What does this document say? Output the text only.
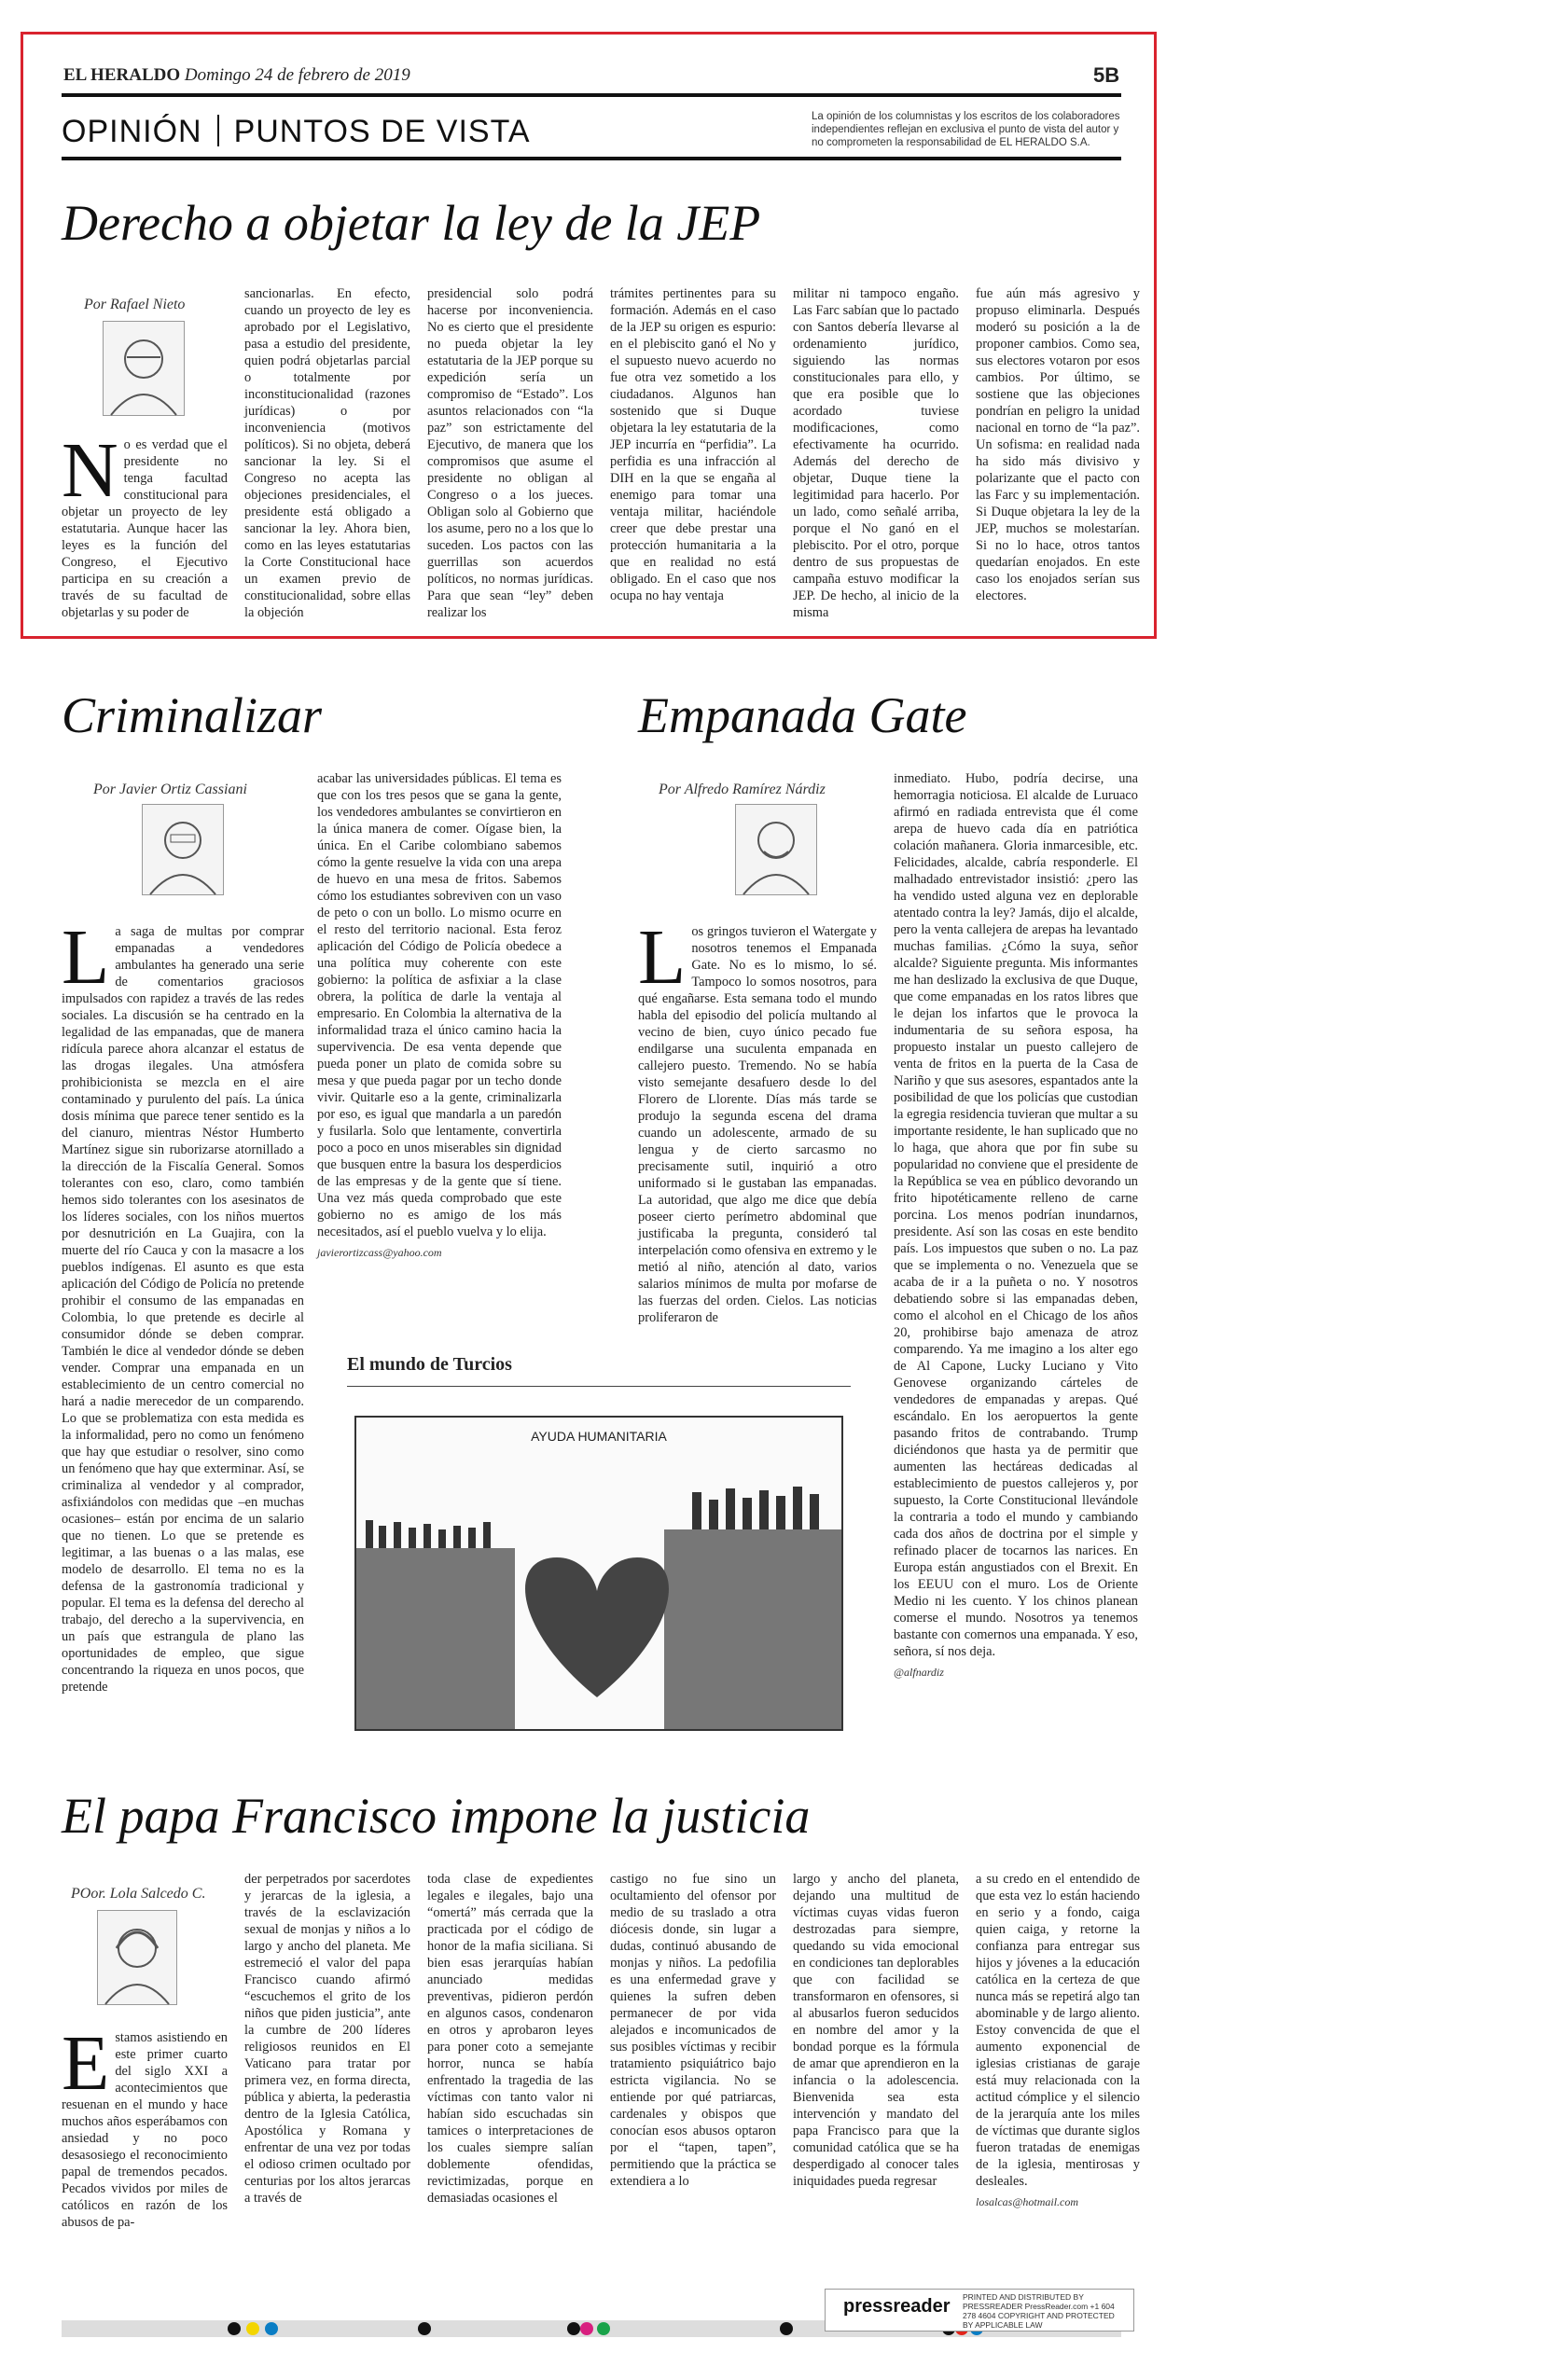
EL HERALDO Domingo 24 de febrero de 2019	5B
OPINIÓN PUNTOS DE VISTA	La opinión de los columnistas y los escritos de los colaboradores independientes reflejan en exclusiva el punto de vista del autor y no comprometen la responsabilidad de EL HERALDO S.A.
Derecho a objetar la ley de la JEP
Por Rafael Nieto
N o es verdad que el presidente no tenga facultad constitucional para objetar un proyecto de ley estatutaria. Aunque hacer las leyes es la función del Congreso, el Ejecutivo participa en su creación a través de su facultad de objetarlas y su poder de

sancionarlas. En efecto, cuando un proyecto de ley es aprobado por el Legislativo, pasa a estudio del presidente, quien podrá objetarlas parcial o totalmente por inconstitucionalidad (razones jurídicas) o por inconveniencia (motivos políticos). Si no objeta, deberá sancionar la ley. Si el Congreso no acepta las objeciones presidenciales, el presidente está obligado a sancionar la ley. Ahora bien, como en las leyes estatutarias la Corte Constitucional hace un examen previo de constitucionalidad, sobre ellas la objeción
presidencial solo podrá hacerse por inconveniencia. No es cierto que el presidente no pueda objetar la ley estatutaria de la JEP porque su expedición sería un compromiso de “Estado”. Los asuntos relacionados con “la paz” son estrictamente del Ejecutivo, de manera que los compromisos que asume el presidente no obligan al Congreso o a los jueces. Obligan solo al Gobierno que los asume, pero no a los que lo suceden. Los pactos con las guerrillas son acuerdos políticos, no normas jurídicas. Para que sean “ley” deben realizar los
trámites pertinentes para su formación. Además en el caso de la JEP su origen es espurio: en el plebiscito ganó el No y el supuesto nuevo acuerdo no fue otra vez sometido a los ciudadanos. Algunos han sostenido que si Duque objetara la ley estatutaria de la JEP incurría en “perfidia”. La perfidia es una infracción al DIH en la que se engaña al enemigo para tomar una ventaja militar, haciéndole creer que debe prestar una protección humanitaria a la que en realidad no está obligado. En el caso que nos ocupa no hay ventaja
militar ni tampoco engaño. Las Farc sabían que lo pactado con Santos debería llevarse al ordenamiento jurídico, siguiendo las normas constitucionales para ello, y que era posible que lo acordado tuviese modificaciones, como efectivamente ha ocurrido. Además del derecho de objetar, Duque tiene la legitimidad para hacerlo. Por un lado, como señalé arriba, porque el No ganó en el plebiscito. Por el otro, porque dentro de sus propuestas de campaña estuvo modificar la JEP. De hecho, al inicio de la misma
fue aún más agresivo y propuso eliminarla. Después moderó su posición a la de proponer cambios. Como sea, sus electores votaron por esos cambios. Por último, se sostiene que las objeciones pondrían en peligro la unidad nacional en torno de “la paz”. Un sofisma: en realidad nada ha sido más divisivo y polarizante que el pacto con las Farc y su implementación. Si Duque objetara la ley de la JEP, muchos se molestarían. Si no lo hace, otros tantos quedarían enojados. En este caso los enojados serían sus electores.
Criminalizar
Por Javier Ortiz Cassiani
L a saga de multas por comprar empanadas a vendedores ambulantes ha generado una serie de comentarios graciosos impulsados con rapidez a través de las redes sociales. La discusión se ha centrado en la legalidad de las empanadas, que de manera ridícula parece ahora alcanzar el estatus de las drogas ilegales. Una atmósfera prohibicionista se mezcla en el aire contaminado y purulento del país. La única dosis mínima que parece tener sentido es la del cianuro, mientras Néstor Humberto Martínez sigue sin ruborizarse atornillado a la dirección de la Fiscalía General. Somos tolerantes con eso, claro, como también hemos sido tolerantes con los asesinatos de los líderes sociales, con los niños muertos por desnutrición en La Guajira, con la muerte del río Cauca y con la masacre a los pueblos indígenas. El asunto es que esta aplicación del Código de Policía no pretende prohibir el consumo de las empanadas en Colombia, lo que pretende es decirle al consumidor dónde se deben comprar. También le dice al vendedor dónde se deben vender. Comprar una empanada en un establecimiento de un centro comercial no hará a nadie merecedor de un comparendo. Lo que se problematiza con esta medida es la informalidad, pero no como un fenómeno que hay que estudiar o resolver, sino como un fenómeno que hay que exterminar. Así, se criminaliza al vendedor y al comprador, asfixiándolos con medidas que –en muchas ocasiones– están por encima de un salario que no tienen. Lo que se pretende es legitimar, a las buenas o a las malas, ese modelo de desarrollo. El tema no es la defensa de la gastronomía tradicional y popular. El tema es la defensa del derecho al trabajo, del derecho a la supervivencia, en un país que estrangula de plano las oportunidades de empleo, que sigue concentrando la riqueza en unos pocos, que pretende

acabar las universidades públicas. El tema es que con los tres pesos que se gana la gente, los vendedores ambulantes se convirtieron en la única manera de comer. Oígase bien, la única. En el Caribe colombiano sabemos cómo la gente resuelve la vida con una arepa de huevo en una mesa de fritos. Sabemos cómo los estudiantes sobreviven con un vaso de peto o con un bollo. Lo mismo ocurre en el resto del territorio nacional. Esta feroz aplicación del Código de Policía obedece a una política muy coherente con este gobierno: la política de asfixiar a la clase obrera, la política de darle la ventaja al empresario. En Colombia la alternativa de la informalidad traza el único camino hacia la supervivencia. De esa venta depende que pueda poner un plato de comida sobre su mesa y que pueda pagar por un techo donde vivir. Quitarle eso a la gente, criminalizarla por eso, es igual que mandarla a un paredón y fusilarla. Solo que lentamente, convertirla poco a poco en unos miserables sin dignidad que busquen entre la basura los desperdicios de las empresas y de la gente que sí tiene. Una vez más queda comprobado que este gobierno no es amigo de los más necesitados, así el pueblo vuelva y lo elija.

javierortizcass@yahoo.com
Empanada Gate
Por Alfredo Ramírez Nárdiz
L os gringos tuvieron el Watergate y nosotros tenemos el Empanada Gate. No es lo mismo, lo sé. Tampoco lo somos nosotros, para qué engañarse. Esta semana todo el mundo habla del episodio del policía multando al vecino de bien, cuyo único pecado fue endilgarse una suculenta empanada en callejero puesto. Tremendo. No se había visto semejante desafuero desde lo del Florero de Llorente. Días más tarde se produjo la segunda escena del drama cuando un adolescente, armado de su lengua y de cierto sarcasmo no precisamente sutil, inquirió a otro uniformado si le gustaban las empanadas. La autoridad, que algo me dice que debía poseer cierto perímetro abdominal que justificaba la pregunta, consideró tal interpelación como ofensiva en extremo y le metió al niño, atención al dato, varios salarios mínimos de multa por mofarse de las fuerzas del orden. Cielos. Las noticias proliferaron de

inmediato. Hubo, podría decirse, una hemorragia noticiosa. El alcalde de Luruaco afirmó en radiada entrevista que él come arepa de huevo cada día en patriótica colación mañanera. Gloria inmarcesible, etc. Felicidades, alcalde, cabría responderle. El malhadado entrevistador insistió: ¿pero las ha vendido usted alguna vez en deplorable atentado contra la ley? Jamás, dijo el alcalde, pero la venta callejera de arepas ha levantado muchas familias. ¿Cómo la suya, señor alcalde? Siguiente pregunta. Mis informantes me han deslizado la exclusiva de que Duque, que come empanadas en los ratos libres que le dejan los infartos que le provoca la indumentaria de su señora esposa, ha propuesto instalar un puesto callejero de venta de fritos en la puerta de la Casa de Nariño y que sus asesores, espantados ante la posibilidad de que los policías que custodian la egregia residencia tuvieran que multar a su importante residente, le han suplicado que no lo haga, que ahora que por fin sube su popularidad no conviene que el presidente de la República se vea en público devorando un frito hipotéticamente relleno de carne porcina. Los menos podrían inundarnos, presidente. Así son las cosas en este bendito país. Los impuestos que suben o no. La paz que se implementa o no. Venezuela que se acaba de ir a la puñeta o no. Y nosotros debatiendo sobre si las empanadas deben, como el alcohol en el Chicago de los años 20, prohibirse bajo amenaza de atroz comparendo. Ya me imagino a los alter ego de Al Capone, Lucky Luciano y Vito Genovese organizando cárteles de vendedores de empanadas y arepas. Qué escándalo. En los aeropuertos la gente pasando fritos de contrabando. Trump diciéndonos que hasta ya de permitir que aumenten las hectáreas dedicadas al establecimiento de puestos callejeros y, por supuesto, la Corte Constitucional llevándole la contraria a todo el mundo y cambiando cada dos años de doctrina por el simple y refinado placer de tocarnos las narices. En Europa están angustiados con el Brexit. En los EEUU con el muro. Los de Oriente Medio ni les cuento. Y los chinos planean comerse el mundo. Nosotros ya tenemos bastante con comernos una empanada. Y eso, señora, sí nos deja.

@alfnardiz
El mundo de Turcios
AYUDA HUMANITARIA
El papa Francisco impone la justicia
POor. Lola Salcedo C.
E stamos asistiendo en este primer cuarto del siglo XXI a acontecimientos que resuenan en el mundo y hace muchos años esperábamos con ansiedad y no poco desasosiego el reconocimiento papal de tremendos pecados. Pecados vividos por miles de católicos en razón de los abusos de pa-

der perpetrados por sacerdotes y jerarcas de la iglesia, a través de la esclavización sexual de monjas y niños a lo largo y ancho del planeta. Me estremeció el valor del papa Francisco cuando afirmó “escuchemos el grito de los niños que piden justicia”, ante la cumbre de 200 líderes religiosos reunidos en El Vaticano para tratar por primera vez, en forma directa, pública y abierta, la pederastia dentro de la Iglesia Católica, Apostólica y Romana y enfrentar de una vez por todas el odioso crimen ocultado por centurias por los altos jerarcas a través de
toda clase de expedientes legales e ilegales, bajo una “omertá” más cerrada que la practicada por el código de honor de la mafia siciliana. Si bien esas jerarquías habían anunciado medidas preventivas, pidieron perdón en algunos casos, condenaron en otros y aprobaron leyes para poner coto a semejante horror, nunca se había enfrentado la tragedia de las víctimas con tanto valor ni habían sido escuchadas sin tamices o interpretaciones de los cuales siempre salían doblemente ofendidas, revictimizadas, porque en demasiadas ocasiones el
castigo no fue sino un ocultamiento del ofensor por medio de su traslado a otra diócesis donde, sin lugar a dudas, continuó abusando de monjas y niños. La pedofilia es una enfermedad grave y quienes la sufren deben permanecer de por vida alejados e incomunicados de sus posibles víctimas y recibir tratamiento psiquiátrico bajo estricta vigilancia. No se entiende por qué patriarcas, cardenales y obispos que conocían esos abusos optaron por el “tapen, tapen”, permitiendo que la práctica se extendiera a lo
largo y ancho del planeta, dejando una multitud de víctimas cuyas vidas fueron destrozadas para siempre, quedando su vida emocional en condiciones tan deplorables que con facilidad se transformaron en ofensores, si al abusarlos fueron seducidos en nombre del amor y la bondad porque es la fórmula de amar que aprendieron en la infancia o la adolescencia. Bienvenida sea esta intervención y mandato del papa Francisco para que la comunidad católica que se ha desperdigado al conocer tales iniquidades pueda regresar

a su credo en el entendido de que esta vez lo están haciendo en serio y a fondo, caiga quien caiga, y retorne la confianza para entregar sus hijos y jóvenes a la educación católica en la certeza de que nunca más se repetirá algo tan abominable y de largo aliento. Estoy convencida de que el aumento exponencial de iglesias cristianas de garaje está muy relacionada con la actitud cómplice y el silencio de la jerarquía ante los miles de víctimas que durante siglos fueron tratadas de enemigas de la iglesia, mentirosas y desleales.

losalcas@hotmail.com
pressreader PRINTED AND DISTRIBUTED BY PRESSREADER PressReader.com +1 604 278 4604 COPYRIGHT AND PROTECTED BY APPLICABLE LAW
